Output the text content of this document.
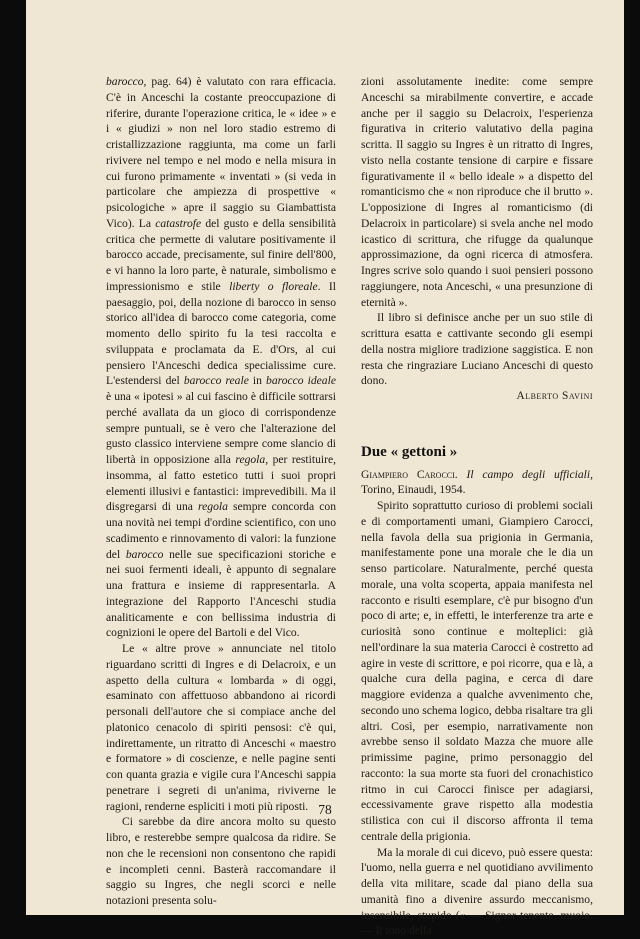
barocco, pag. 64) è valutato con rara efficacia. C'è in Anceschi la costante preoccupazione di riferire, durante l'operazione critica, le « idee » e i « giudizi » non nel loro stadio estremo di cristallizzazione raggiunta, ma come un farli rivivere nel tempo e nel modo e nella misura in cui furono primamente « inventati » (si veda in particolare che ampiezza di prospettive « psicologiche » apre il saggio su Giambattista Vico). La catastrofe del gusto e della sensibilità critica che permette di valutare positivamente il barocco accade, precisamente, sul finire dell'800, e vi hanno la loro parte, è naturale, simbolismo e impressionismo e stile liberty o floreale. Il paesaggio, poi, della nozione di barocco in senso storico all'idea di barocco come categoria, come momento dello spirito fu la tesi raccolta e sviluppata e proclamata da E. d'Ors, al cui pensiero l'Anceschi dedica specialissime cure. L'estendersi del barocco reale in barocco ideale è una « ipotesi » al cui fascino è difficile sottrarsi perché avallata da un gioco di corrispondenze sempre puntuali, se è vero che l'alterazione del gusto classico interviene sempre come slancio di libertà in opposizione alla regola, per restituire, insomma, al fatto estetico tutti i suoi propri elementi illusivi e fantastici: imprevedibili. Ma il disgregarsi di una regola sempre concorda con una novità nei tempi d'ordine scientifico, con uno scadimento e rinnovamento di valori: la funzione del barocco nelle sue specificazioni storiche e nei suoi fermenti ideali, è appunto di segnalare una frattura e insieme di rappresentarla. A integrazione del Rapporto l'Anceschi studia analiticamente e con bellissima industria di cognizioni le opere del Bartoli e del Vico.

Le « altre prove » annunciate nel titolo riguardano scritti di Ingres e di Delacroix, e un aspetto della cultura « lombarda » di oggi, esaminato con affettuoso abbandono ai ricordi personali dell'autore che si compiace anche del platonico cenacolo di spiriti pensosi: c'è qui, indirettamente, un ritratto di Anceschi « maestro e formatore » di coscienze, e nelle pagine senti con quanta grazia e vigile cura l'Anceschi sappia penetrare i segreti di un'anima, riviverne le ragioni, renderne espliciti i moti più riposti.

Ci sarebbe da dire ancora molto su questo libro, e resterebbe sempre qualcosa da ridire. Se non che le recensioni non consentono che rapidi e incompleti cenni. Basterà raccomandare il saggio su Ingres, che negli scorci e nelle notazioni presenta solu-

zioni assolutamente inedite: come sempre Anceschi sa mirabilmente convertire, e accade anche per il saggio su Delacroix, l'esperienza figurativa in criterio valutativo della pagina scritta. Il saggio su Ingres è un ritratto di Ingres, visto nella costante tensione di carpire e fissare figurativamente il « bello ideale » a dispetto del romanticismo che « non riproduce che il brutto ». L'opposizione di Ingres al romanticismo (di Delacroix in particolare) si svela anche nel modo icastico di scrittura, che rifugge da qualunque approssimazione, da ogni ricerca di atmosfera. Ingres scrive solo quando i suoi pensieri possono raggiungere, nota Anceschi, « una presunzione di eternità ».

Il libro si definisce anche per un suo stile di scrittura esatta e cattivante secondo gli esempi della nostra migliore tradizione saggistica. E non resta che ringraziare Luciano Anceschi di questo dono.

Alberto Savini

Due « gettoni »

Giampiero Carocci. Il campo degli ufficiali, Torino, Einaudi, 1954.

Spirito soprattutto curioso di problemi sociali e di comportamenti umani, Giampiero Carocci, nella favola della sua prigionia in Germania, manifestamente pone una morale che le dia un senso particolare. Naturalmente, perché questa morale, una volta scoperta, appaia manifesta nel racconto e risulti esemplare, c'è pur bisogno d'un poco di arte; e, in effetti, le interferenze tra arte e curiosità sono continue e molteplici: già nell'ordinare la sua materia Carocci è costretto ad agire in veste di scrittore, e poi ricorre, qua e là, a qualche cura della pagina, e cerca di dare maggiore evidenza a qualche avvenimento che, secondo uno schema logico, debba risaltare tra gli altri. Così, per esempio, narrativamente non avrebbe senso il soldato Mazza che muore alle primissime pagine, primo personaggio del racconto: la sua morte sta fuori del cronachistico ritmo in cui Carocci finisce per adagiarsi, eccessivamente grave rispetto alla modestia stilistica con cui il discorso affronta il tema centrale della prigionia.

Ma la morale di cui dicevo, può essere questa: l'uomo, nella guerra e nel quotidiano avvilimento della vita militare, scade dal piano della sua umanità fino a divenire assurdo meccanismo, insensibile, stupido (« — Signor tenente, muoio. — Il tono della

78
